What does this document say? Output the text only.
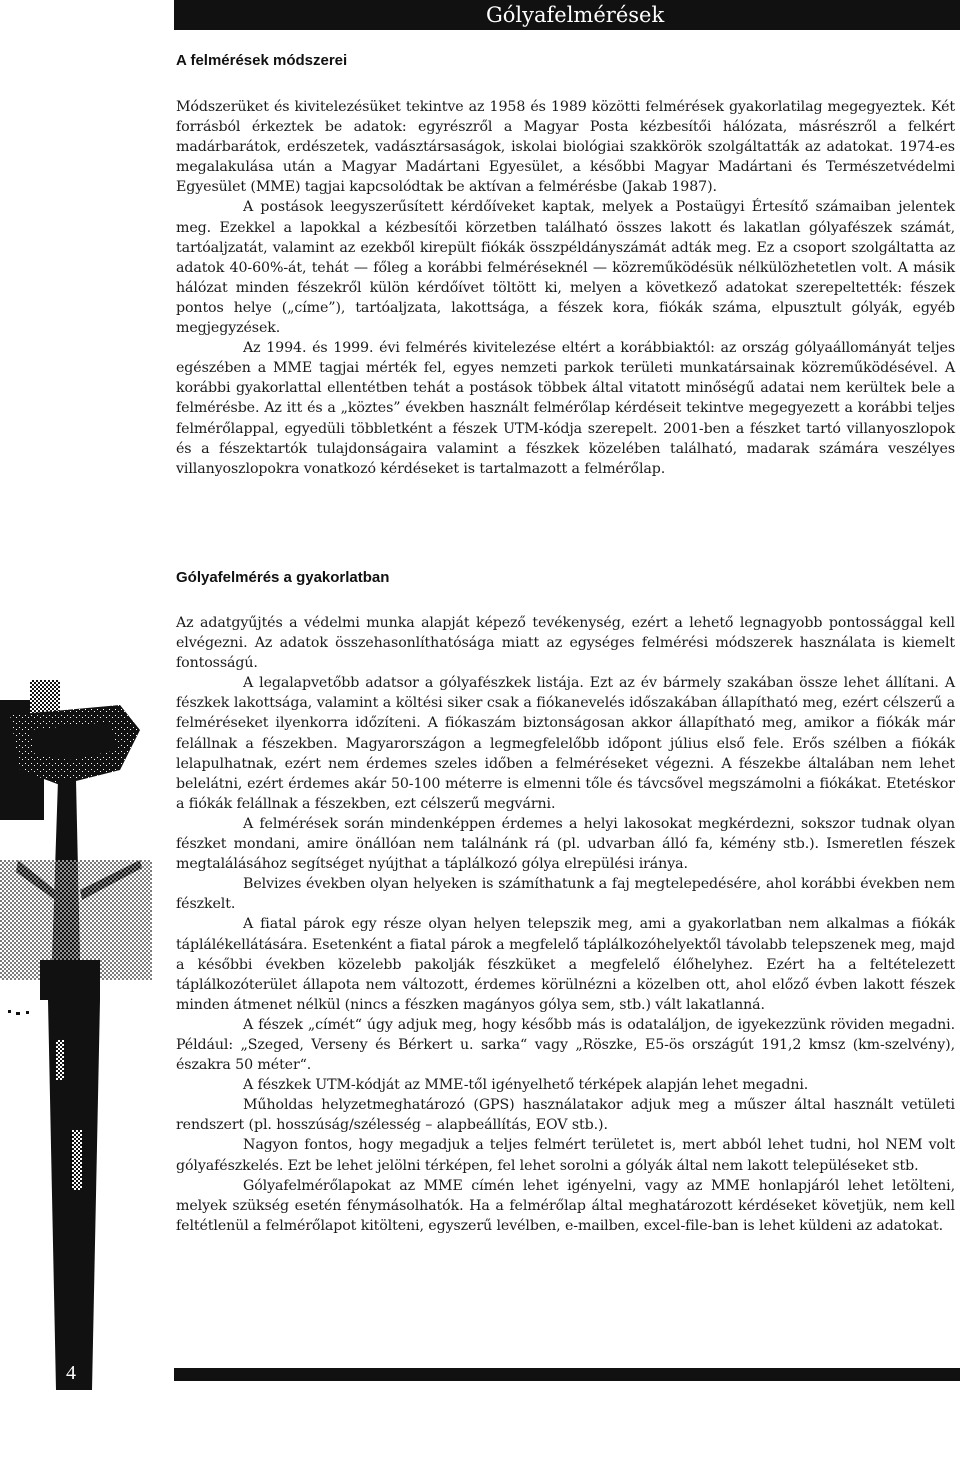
Gólyafelmérések
A felmérések módszerei

Módszerüket és kivitelezésüket tekintve az 1958 és 1989 közötti felmérések gyakorlatilag megegyeztek. Két forrásból érkeztek be adatok: egyrészről a Magyar Posta kézbesítői hálózata, másrészről a felkért madárbarátok, erdészetek, vadásztársaságok, iskolai biológiai szakkörök szolgáltatták az adatokat. 1974-es megalakulása után a Magyar Madártani Egyesület, a későbbi Magyar Madártani és Természetvédelmi Egyesület (MME) tagjai kapcsolódtak be aktívan a felmérésbe (Jakab 1987).

A postások leegyszerűsített kérdőíveket kaptak, melyek a Postaügyi Értesítő számaiban jelentek meg. Ezekkel a lapokkal a kézbesítői körzetben található összes lakott és lakatlan gólyafészek számát, tartóaljzatát, valamint az ezekből kirepült fiókák összpéldányszámát adták meg. Ez a csoport szolgáltatta az adatok 40-60%-át, tehát — főleg a korábbi felméréseknél — közreműködésük nélkülözhetetlen volt. A másik hálózat minden fészekről külön kérdőívet töltött ki, melyen a következő adatokat szerepeltették: fészek pontos helye („címe”), tartóaljzata, lakottsága, a fészek kora, fiókák száma, elpusztult gólyák, egyéb megjegyzések.

Az 1994. és 1999. évi felmérés kivitelezése eltért a korábbiaktól: az ország gólyaállományát teljes egészében a MME tagjai mérték fel, egyes nemzeti parkok területi munkatársainak közreműködésével. A korábbi gyakorlattal ellentétben tehát a postások többek által vitatott minőségű adatai nem kerültek bele a felmérésbe. Az itt és a „köztes” években használt felmérőlap kérdéseit tekintve megegyezett a korábbi teljes felmérőlappal, egyedüli többletként a fészek UTM-kódja szerepelt. 2001-ben a fészket tartó villanyoszlopok és a fészektartók tulajdonságaira valamint a fészkek közelében található, madarak számára veszélyes villanyoszlopokra vonatkozó kérdéseket is tartalmazott a felmérőlap.

Gólyafelmérés a gyakorlatban

Az adatgyűjtés a védelmi munka alapját képező tevékenység, ezért a lehető legnagyobb pontossággal kell elvégezni. Az adatok összehasonlíthatósága miatt az egységes felmérési módszerek használata is kiemelt fontosságú.

A legalapvetőbb adatsor a gólyafészkek listája. Ezt az év bármely szakában össze lehet állítani. A fészkek lakottsága, valamint a költési siker csak a fiókanevelés időszakában állapítható meg, ezért célszerű a felméréseket ilyenkorra időzíteni. A fiókaszám biztonságosan akkor állapítható meg, amikor a fiókák már felállnak a fészekben. Magyarországon a legmegfelelőbb időpont július első fele. Erős szélben a fiókák lelapulhatnak, ezért nem érdemes szeles időben a felméréseket végezni. A fészekbe általában nem lehet belelátni, ezért érdemes akár 50-100 méterre is elmenni tőle és távcsővel megszámolni a fiókákat. Etetéskor a fiókák felállnak a fészekben, ezt célszerű megvárni.

A felmérések során mindenképpen érdemes a helyi lakosokat megkérdezni, sokszor tudnak olyan fészket mondani, amire önállóan nem találnánk rá (pl. udvarban álló fa, kémény stb.). Ismeretlen fészek megtalálásához segítséget nyújthat a táplálkozó gólya elrepülési iránya.

Belvizes években olyan helyeken is számíthatunk a faj megtelepedésére, ahol korábbi években nem fészkelt.

A fiatal párok egy része olyan helyen telepszik meg, ami a gyakorlatban nem alkalmas a fiókák táplálékellátására. Esetenként a fiatal párok a megfelelő táplálkozóhelyektől távolabb telepszenek meg, majd a későbbi években közelebb pakolják fészküket a megfelelő élőhelyhez. Ezért ha a feltételezett táplálkozóterület állapota nem változott, érdemes körülnézni a közelben ott, ahol előző évben lakott fészek minden átmenet nélkül (nincs a fészken magányos gólya sem, stb.) vált lakatlanná.

A fészek „címét“ úgy adjuk meg, hogy később más is odataláljon, de igyekezzünk röviden megadni. Például: „Szeged, Verseny és Bérkert u. sarka“ vagy „Röszke, E5-ös országút 191,2 kmsz (km-szelvény), északra 50 méter“.

A fészkek UTM-kódját az MME-től igényelhető térképek alapján lehet megadni.

Műholdas helyzetmeghatározó (GPS) használatakor adjuk meg a műszer által használt vetületi rendszert (pl. hosszúság/szélesség – alapbeállítás, EOV stb.).

Nagyon fontos, hogy megadjuk a teljes felmért területet is, mert abból lehet tudni, hol NEM volt gólyafészkelés. Ezt be lehet jelölni térképen, fel lehet sorolni a gólyák által nem lakott településeket stb.

Gólyafelmérőlapokat az MME címén lehet igényelni, vagy az MME honlapjáról lehet letölteni, melyek szükség esetén fénymásolhatók. Ha a felmérőlap által meghatározott kérdéseket követjük, nem kell feltétlenül a felmérőlapot kitölteni, egyszerű levélben, e-mailben, excel-file-ban is lehet küldeni az adatokat.

4
